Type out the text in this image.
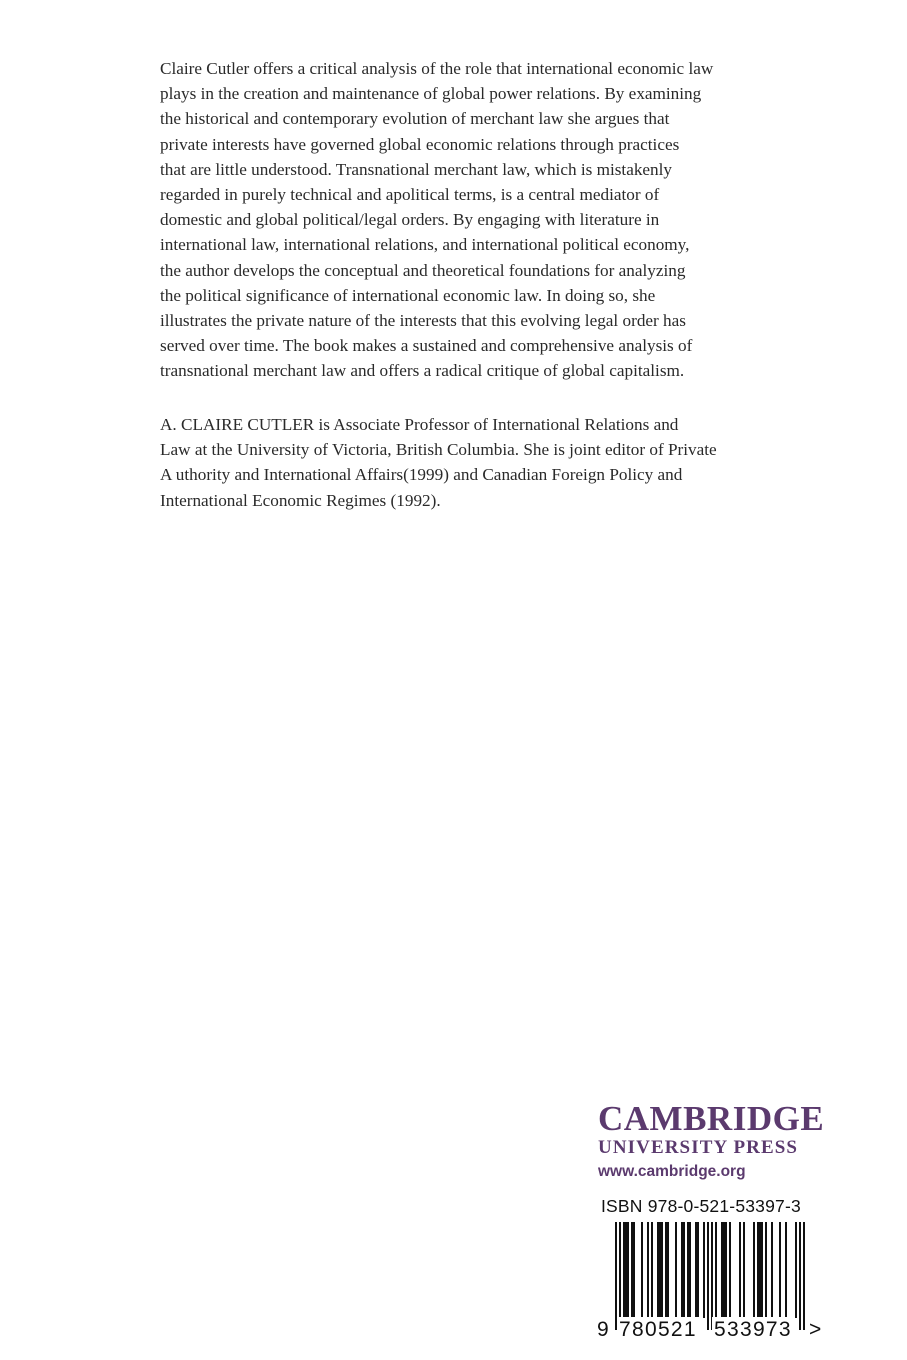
Claire Cutler offers a critical analysis of the role that international economic law
plays in the creation and maintenance of global power relations. By examining
the historical and contemporary evolution of merchant law she argues that
private interests have governed global economic relations through practices
that are little understood. Transnational merchant law, which is mistakenly
regarded in purely technical and apolitical terms, is a central mediator of
domestic and global political/legal orders. By engaging with literature in
international law, international relations, and international political economy,
the author develops the conceptual and theoretical foundations for analyzing
the political significance of international economic law. In doing so, she
illustrates the private nature of the interests that this evolving legal order has
served over time. The book makes a sustained and comprehensive analysis of
transnational merchant law and offers a radical critique of global capitalism.

A. CLAIRE CUTLER is Associate Professor of International Relations and
Law at the University of Victoria, British Columbia. She is joint editor of Private
A uthority and International Affairs(1999) and Canadian Foreign Policy and
International Economic Regimes (1992).
CAMBRIDGE
UNIVERSITY PRESS
www.cambridge.org
ISBN 978-0-521-53397-3
9 780521 533973 >
